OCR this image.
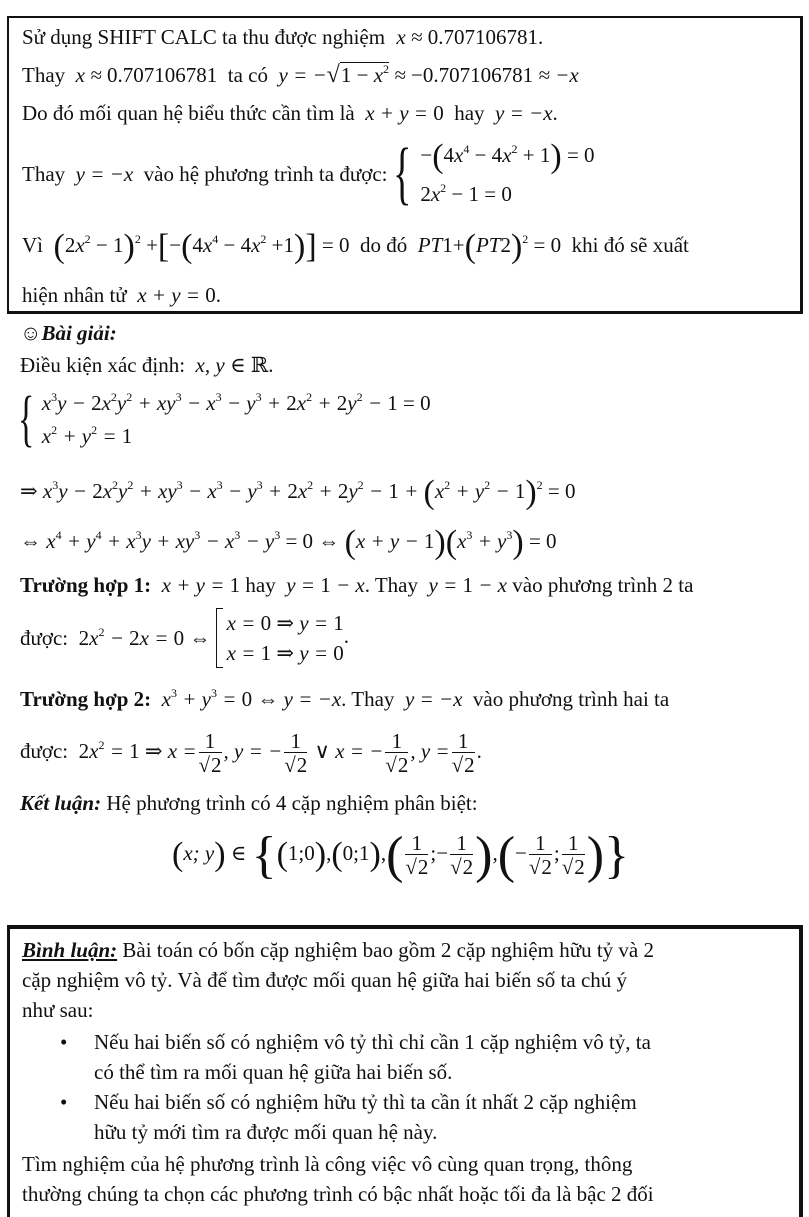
Sử dụng SHIFT CALC ta thu được nghiệm x ≈ 0.707106781.
Thay  x ≈ 0.707106781 ta có  $y = -√1 - x^2 \approx -0.707106781 \approx -x$
Do đó mối quan hệ biểu thức cần tìm là  x + y = 0 hay  y = −x.
Thay  y = −x  vào hệ phương trình ta được: { $-(4x^4 - 4x^2 + 1) = 0$
$2x^2 - 1 = 0$
Vì $(2x^2 - 1)^2 +[-(4x^4 - 4x^2 +1)] = 0$ do đó  $PT1+(PT2)^2 = 0$ khi đó sẽ xuất
hiện nhân tử  x + y = 0.
☺Bài giải:
Điều kiện xác định:  x, y ∈ ℝ.
{ $x^3y - 2x^2y^2 + xy^3 - x^3 - y^3 + 2x^2 + 2y^2 - 1 = 0$
$x^2 + y^2 = 1$
⇒ $x^3y - 2x^2y^2 + xy^3 - x^3 - y^3 + 2x^2 + 2y^2 - 1 + (x^2 + y^2 - 1)^2 = 0$
⇔ $x^4 + y^4 + x^3y + xy^3 - x^3 - y^3 = 0$ ⇔ $(x + y - 1)(x^3 + y^3) = 0$
Trường hợp 1:  x + y = 1 hay  y = 1 − x. Thay  y = 1 − x vào phương trình 2 ta
được: $2x^2 - 2x = 0$ ⇔
x = 0 ⇒ y = 1
x = 1 ⇒ y = 0
.
Trường hợp 2:  $x^3 + y^3 = 0$ ⇔ y = −x. Thay  y = −x  vào phương trình hai ta
được: $2x^2 = 1$ ⇒ $x = \frac{1}{√2}$ , y = − $\frac{1}{√2}$ ∨ x = − $\frac{1}{√2}$ , $y = \frac{1}{√2}$ .
Kết luận: Hệ phương trình có 4 cặp nghiệm phân biệt:
(x; y) ∈ {(1;0),(0;1),( $\frac{1}{√2}$ ;− $\frac{1}{√2}$ ),(− $\frac{1}{√2}$ ; $\frac{1}{√2}$ )}
Bình luận: Bài toán có bốn cặp nghiệm bao gồm 2 cặp nghiệm hữu tỷ và 2
cặp nghiệm vô tỷ. Và để tìm được mối quan hệ giữa hai biến số ta chú ý
như sau:
• Nếu hai biến số có nghiệm vô tỷ thì chỉ cần 1 cặp nghiệm vô tỷ, ta
có thể tìm ra mối quan hệ giữa hai biến số.
• Nếu hai biến số có nghiệm hữu tỷ thì ta cần ít nhất 2 cặp nghiệm
hữu tỷ mới tìm ra được mối quan hệ này.
Tìm nghiệm của hệ phương trình là công việc vô cùng quan trọng, thông
thường chúng ta chọn các phương trình có bậc nhất hoặc tối đa là bậc 2 đối
